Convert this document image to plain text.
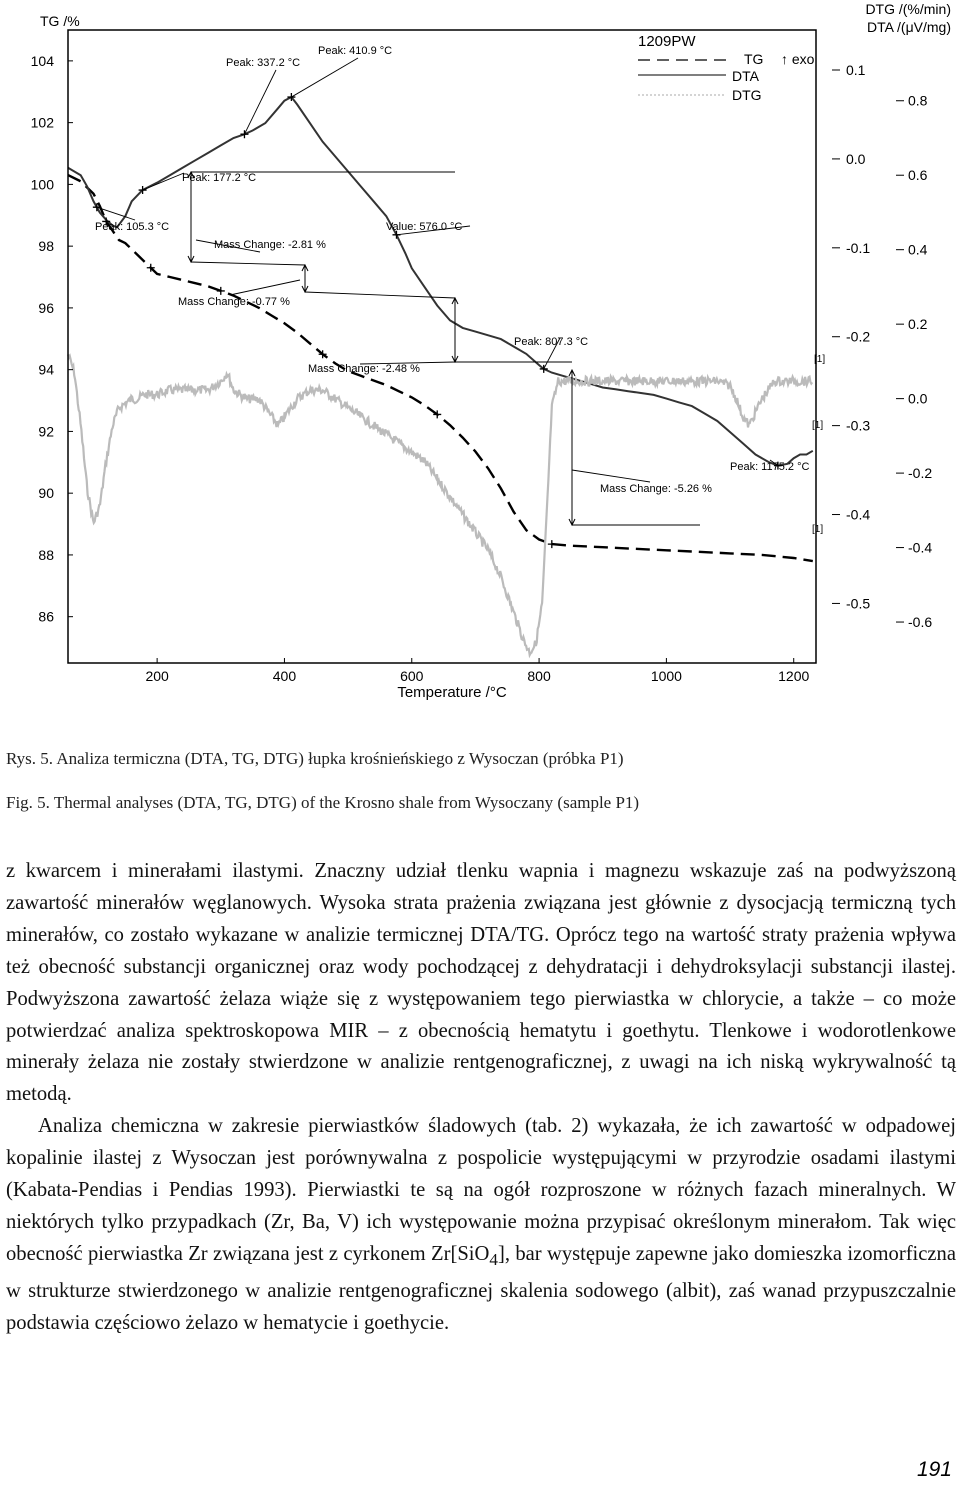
200	400	600	800	1000	1200
104
102
100
98
96
94
92
90
88
86
0.1
0.0
-0.1
-0.2
-0.3
-0.4
-0.5
0.8
0.6
0.4
0.2
0.0
-0.2
-0.4
-0.6
Peak: 337.2 °C
Peak: 410.9 °C
Peak: 177.2 °C
Peak: 105.3 °C	Value: 576.0 °C
Mass Change: -2.81 %
Mass Change: -0.77 %
Peak: 807.3 °C
Mass Change: -2.48 %
Peak: 1175.2 °C
Mass Change: -5.26 %
[1]
[1]
[1]
TG /%
DTG /(%/min)
DTA /(μV/mg)
Temperature /°C
1209PW
TG
DTA
DTG
↑ exo
Rys. 5. Analiza termiczna (DTA, TG, DTG) łupka krośnieńskiego z Wysoczan (próbka P1)
Fig. 5. Thermal analyses (DTA, TG, DTG) of the Krosno shale from Wysoczany (sample P1)

z kwarcem i minerałami ilastymi. Znaczny udział tlenku wapnia i magnezu wskazuje zaś na podwyższoną zawartość minerałów węglanowych. Wysoka strata prażenia związana jest głównie z dysocjacją termiczną tych minerałów, co zostało wykazane w analizie termicznej DTA/TG. Oprócz tego na wartość straty prażenia wpływa też obecność substancji organicznej oraz wody pochodzącej z dehydratacji i dehydroksylacji substancji ilastej. Podwyższona zawartość żelaza wiąże się z występowaniem tego pierwiastka w chlorycie, a także – co może potwierdzać analiza spektroskopowa MIR – z obecnością hematytu i goethytu. Tlenkowe i wodorotlenkowe minerały żelaza nie zostały stwierdzone w analizie rentgenograficznej, z uwagi na ich niską wykrywalność tą metodą.

Analiza chemiczna w zakresie pierwiastków śladowych (tab. 2) wykazała, że ich zawartość w odpadowej kopalinie ilastej z Wysoczan jest porównywalna z pospolicie występującymi w przyrodzie osadami ilastymi (Kabata-Pendias i Pendias 1993). Pierwiastki te są na ogół rozproszone w różnych fazach mineralnych. W niektórych tylko przypadkach (Zr, Ba, V) ich występowanie można przypisać określonym minerałom. Tak więc obecność pierwiastka Zr związana jest z cyrkonem Zr[SiO$_4$], bar występuje zapewne jako domieszka izomorficzna w strukturze stwierdzonego w analizie rentgenograficznej skalenia sodowego (albit), zaś wanad przypuszczalnie podstawia częściowo żelazo w hematycie i goethycie.

191
